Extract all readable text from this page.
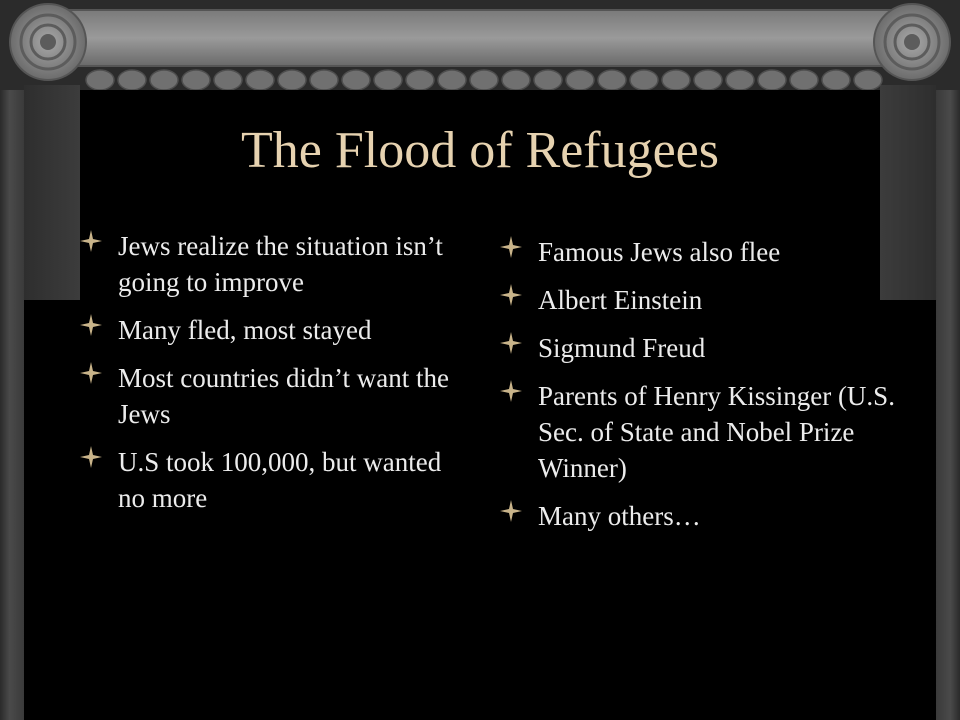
The Flood of Refugees
Jews realize the situation isn’t going to improve
Many fled, most stayed
Most countries didn’t want the Jews
U.S took 100,000, but wanted no more
Famous Jews also flee
Albert Einstein
Sigmund Freud
Parents of Henry Kissinger (U.S. Sec. of State and Nobel Prize Winner)
Many others…
